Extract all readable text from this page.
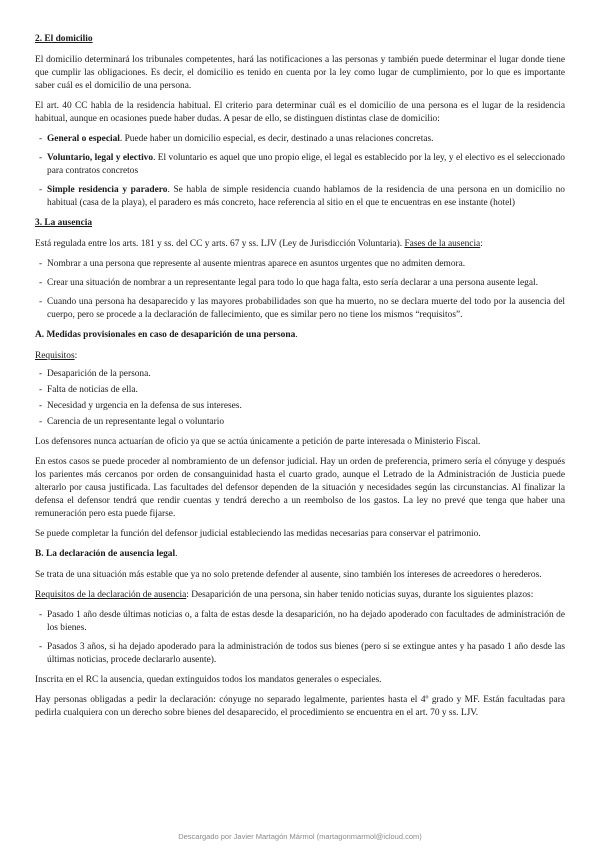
2. El domicilio

El domicilio determinará los tribunales competentes, hará las notificaciones a las personas y también puede determinar el lugar donde tiene que cumplir las obligaciones. Es decir, el domicilio es tenido en cuenta por la ley como lugar de cumplimiento, por lo que es importante saber cuál es el domicilio de una persona.

El art. 40 CC habla de la residencia habitual. El criterio para determinar cuál es el domicilio de una persona es el lugar de la residencia habitual, aunque en ocasiones puede haber dudas. A pesar de ello, se distinguen distintas clase de domicilio:

- General o especial. Puede haber un domicilio especial, es decir, destinado a unas relaciones concretas.
- Voluntario, legal y electivo. El voluntario es aquel que uno propio elige, el legal es establecido por la ley, y el electivo es el seleccionado para contratos concretos
- Simple residencia y paradero. Se habla de simple residencia cuando hablamos de la residencia de una persona en un domicilio no habitual (casa de la playa), el paradero es más concreto, hace referencia al sitio en el que te encuentras en ese instante (hotel)
3. La ausencia

Está regulada entre los arts. 181 y ss. del CC y arts. 67 y ss. LJV (Ley de Jurisdicción Voluntaria). Fases de la ausencia:

- Nombrar a una persona que represente al ausente mientras aparece en asuntos urgentes que no admiten demora.
- Crear una situación de nombrar a un representante legal para todo lo que haga falta, esto sería declarar a una persona ausente legal.
- Cuando una persona ha desaparecido y las mayores probabilidades son que ha muerto, no se declara muerte del todo por la ausencia del cuerpo, pero se procede a la declaración de fallecimiento, que es similar pero no tiene los mismos “requisitos”.
A. Medidas provisionales en caso de desaparición de una persona.

Requisitos:

- Desaparición de la persona.
- Falta de noticias de ella.
- Necesidad y urgencia en la defensa de sus intereses.
- Carencia de un representante legal o voluntario

Los defensores nunca actuarían de oficio ya que se actúa únicamente a petición de parte interesada o Ministerio Fiscal.

En estos casos se puede proceder al nombramiento de un defensor judicial. Hay un orden de preferencia, primero sería el cónyuge y después los parientes más cercanos por orden de consanguinidad hasta el cuarto grado, aunque el Letrado de la Administración de Justicia puede alterarlo por causa justificada. Las facultades del defensor dependen de la situación y necesidades según las circunstancias. Al finalizar la defensa el defensor tendrá que rendir cuentas y tendrá derecho a un reembolso de los gastos. La ley no prevé que tenga que haber una remuneración pero esta puede fijarse.

Se puede completar la función del defensor judicial estableciendo las medidas necesarias para conservar el patrimonio.

B. La declaración de ausencia legal.

Se trata de una situación más estable que ya no solo pretende defender al ausente, sino también los intereses de acreedores o herederos.

Requisitos de la declaración de ausencia: Desaparición de una persona, sin haber tenido noticias suyas, durante los siguientes plazos:

- Pasado 1 año desde últimas noticias o, a falta de estas desde la desaparición, no ha dejado apoderado con facultades de administración de los bienes.
- Pasados 3 años, si ha dejado apoderado para la administración de todos sus bienes (pero si se extingue antes y ha pasado 1 año desde las últimas noticias, procede declararlo ausente).

Inscrita en el RC la ausencia, quedan extinguidos todos los mandatos generales o especiales.

Hay personas obligadas a pedir la declaración: cónyuge no separado legalmente, parientes hasta el 4º grado y MF. Están facultadas para pedirla cualquiera con un derecho sobre bienes del desaparecido, el procedimiento se encuentra en el art. 70 y ss. LJV.

Descargado por Javier Martagón Mármol (martagonmarmol@icloud.com)
